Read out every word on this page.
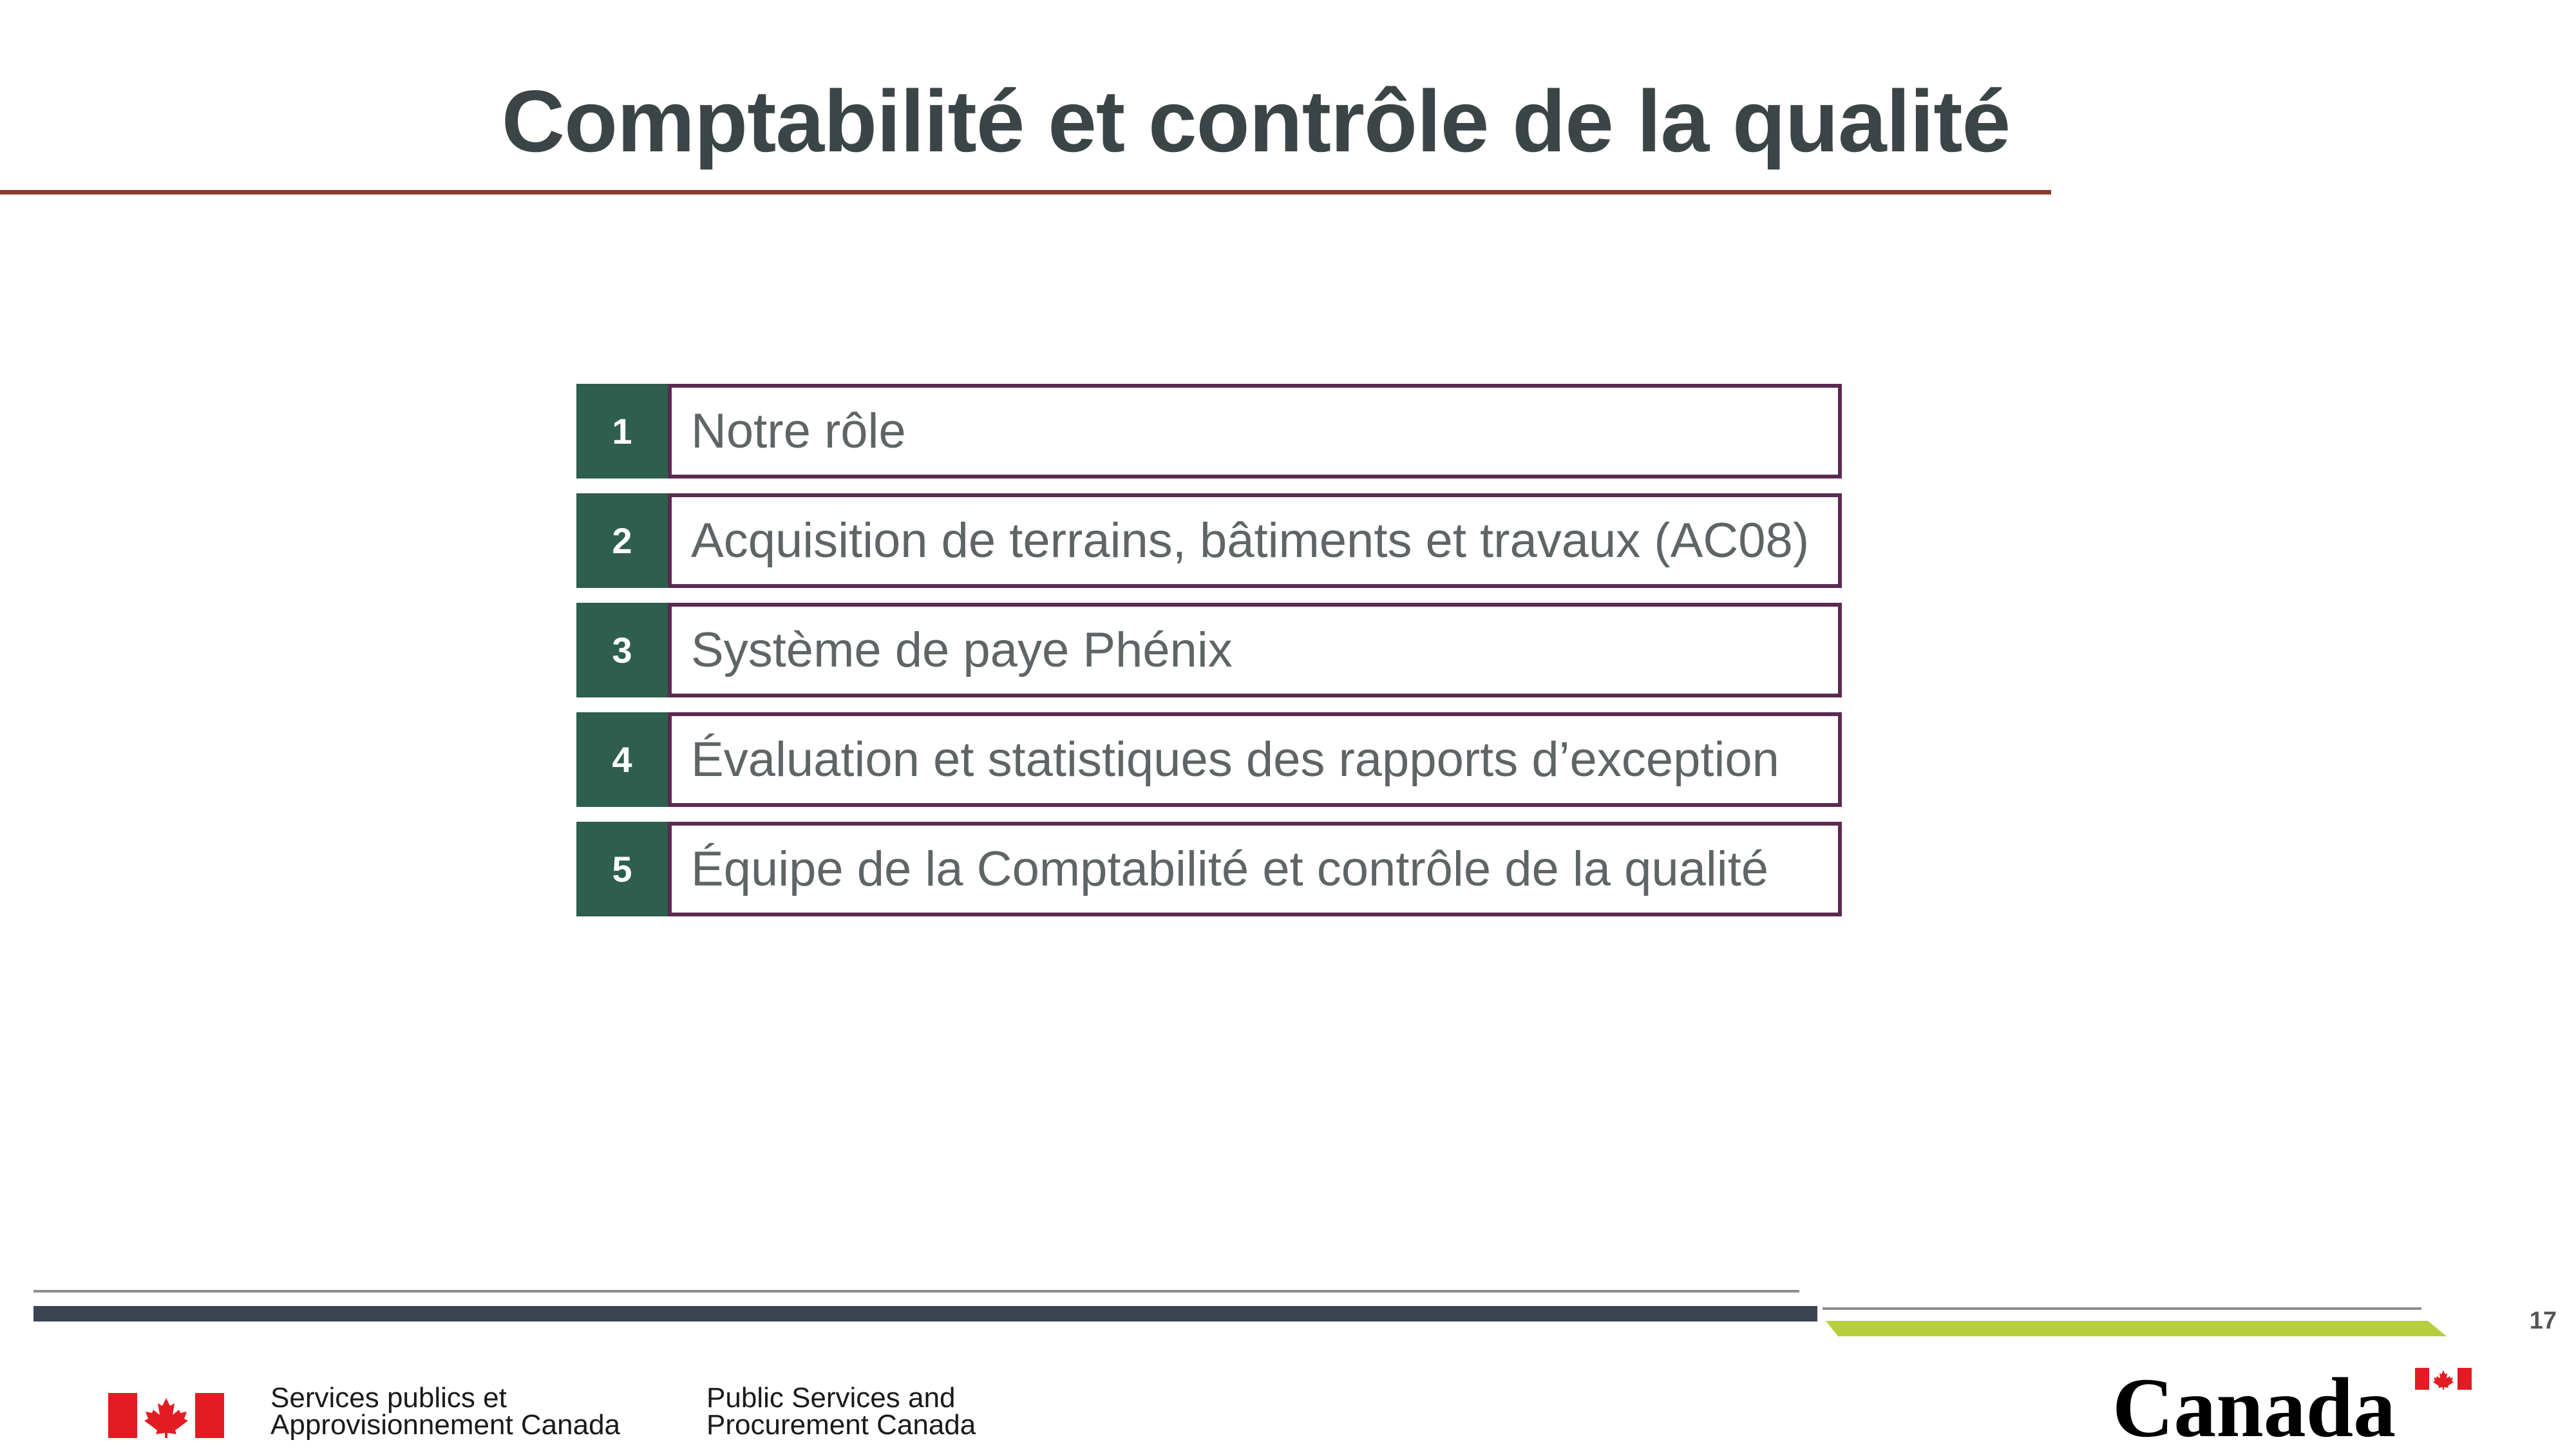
Comptabilité et contrôle de la qualité
1	Notre rôle
2	Acquisition de terrains, bâtiments et travaux (AC08)
3	Système de paye Phénix
4	Évaluation et statistiques des rapports d’exception
5	Équipe de la Comptabilité et contrôle de la qualité
17
Services publics et
Approvisionnement Canada
Public Services and
Procurement Canada	Canada
